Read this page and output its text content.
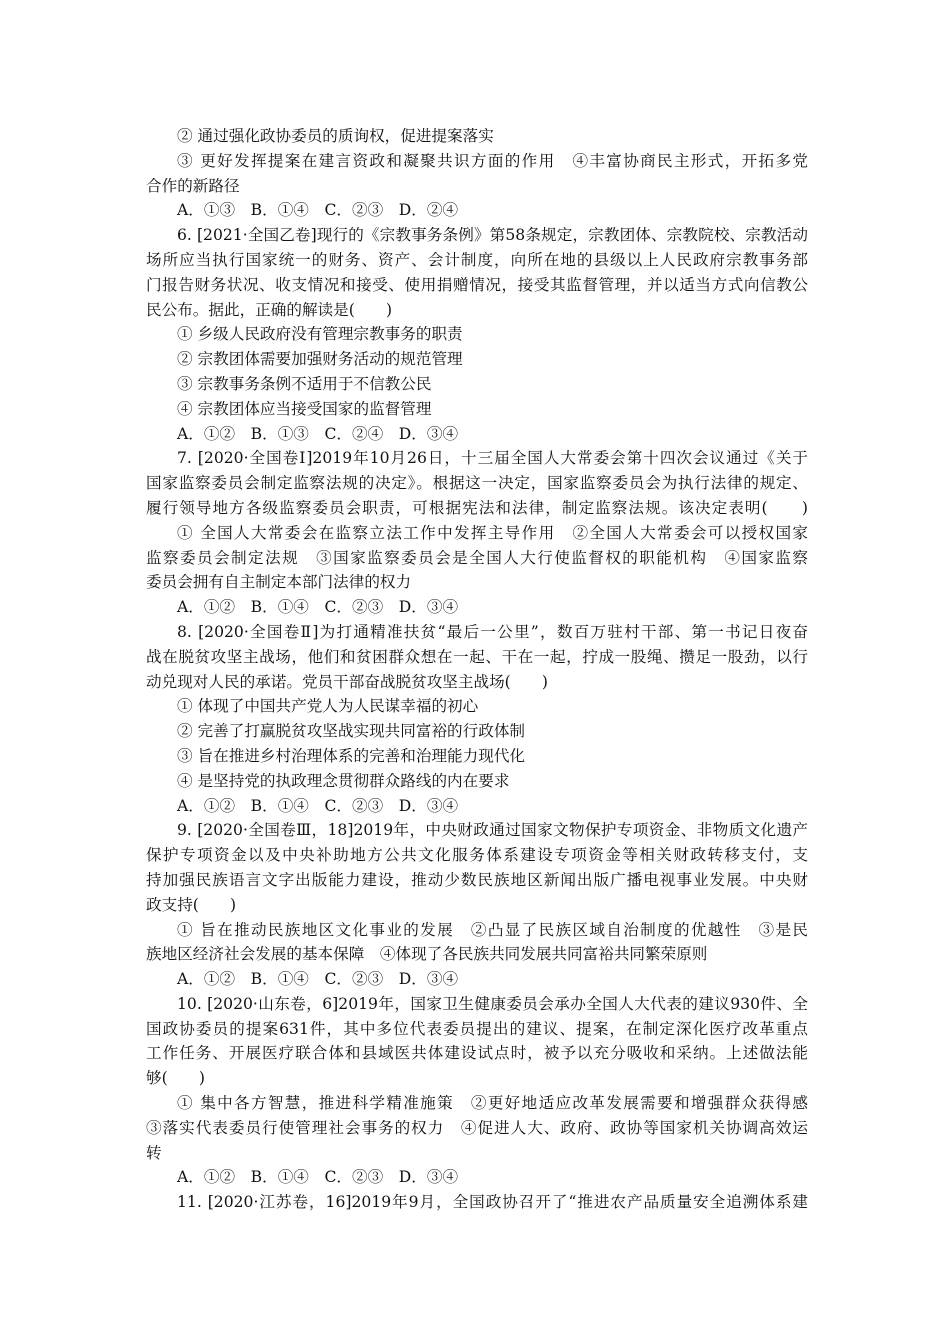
② 通过强化政协委员的质询权，促进提案落实
③ 更好发挥提案在建言资政和凝聚共识方面的作用　④丰富协商民主形式，开拓多党
合作的新路径
A．①③　B．①④　C．②③　D．②④
6. [2021·全国乙卷]现行的《宗教事务条例》第58条规定，宗教团体、宗教院校、宗教活动
场所应当执行国家统一的财务、资产、会计制度，向所在地的县级以上人民政府宗教事务部
门报告财务状况、收支情况和接受、使用捐赠情况，接受其监督管理，并以适当方式向信教公
民公布。据此，正确的解读是(　　)
① 乡级人民政府没有管理宗教事务的职责
② 宗教团体需要加强财务活动的规范管理
③ 宗教事务条例不适用于不信教公民
④ 宗教团体应当接受国家的监督管理
A．①②　B．①③　C．②④　D．③④
7. [2020·全国卷Ⅰ]2019年10月26日，十三届全国人大常委会第十四次会议通过《关于
国家监察委员会制定监察法规的决定》。根据这一决定，国家监察委员会为执行法律的规定、
履行领导地方各级监察委员会职责，可根据宪法和法律，制定监察法规。该决定表明(　　)
① 全国人大常委会在监察立法工作中发挥主导作用　②全国人大常委会可以授权国家
监察委员会制定法规　③国家监察委员会是全国人大行使监督权的职能机构　④国家监察
委员会拥有自主制定本部门法律的权力
A．①②　B．①④　C．②③　D．③④
8. [2020·全国卷Ⅱ]为打通精准扶贫“最后一公里”，数百万驻村干部、第一书记日夜奋
战在脱贫攻坚主战场，他们和贫困群众想在一起、干在一起，拧成一股绳、攒足一股劲，以行
动兑现对人民的承诺。党员干部奋战脱贫攻坚主战场(　　)
① 体现了中国共产党人为人民谋幸福的初心
② 完善了打赢脱贫攻坚战实现共同富裕的行政体制
③ 旨在推进乡村治理体系的完善和治理能力现代化
④ 是坚持党的执政理念贯彻群众路线的内在要求
A．①②　B．①④　C．②③　D．③④
9. [2020·全国卷Ⅲ，18]2019年，中央财政通过国家文物保护专项资金、非物质文化遗产
保护专项资金以及中央补助地方公共文化服务体系建设专项资金等相关财政转移支付，支
持加强民族语言文字出版能力建设，推动少数民族地区新闻出版广播电视事业发展。中央财
政支持(　　)
① 旨在推动民族地区文化事业的发展　②凸显了民族区域自治制度的优越性　③是民
族地区经济社会发展的基本保障　④体现了各民族共同发展共同富裕共同繁荣原则
A．①②　B．①④　C．②③　D．③④
10. [2020·山东卷，6]2019年，国家卫生健康委员会承办全国人大代表的建议930件、全
国政协委员的提案631件，其中多位代表委员提出的建议、提案，在制定深化医疗改革重点
工作任务、开展医疗联合体和县域医共体建设试点时，被予以充分吸收和采纳。上述做法能
够(　　)
① 集中各方智慧，推进科学精准施策　②更好地适应改革发展需要和增强群众获得感
③落实代表委员行使管理社会事务的权力　④促进人大、政府、政协等国家机关协调高效运
转
A．①②　B．①④　C．②③　D．③④
11. [2020·江苏卷，16]2019年9月，全国政协召开了“推进农产品质量安全追溯体系建
